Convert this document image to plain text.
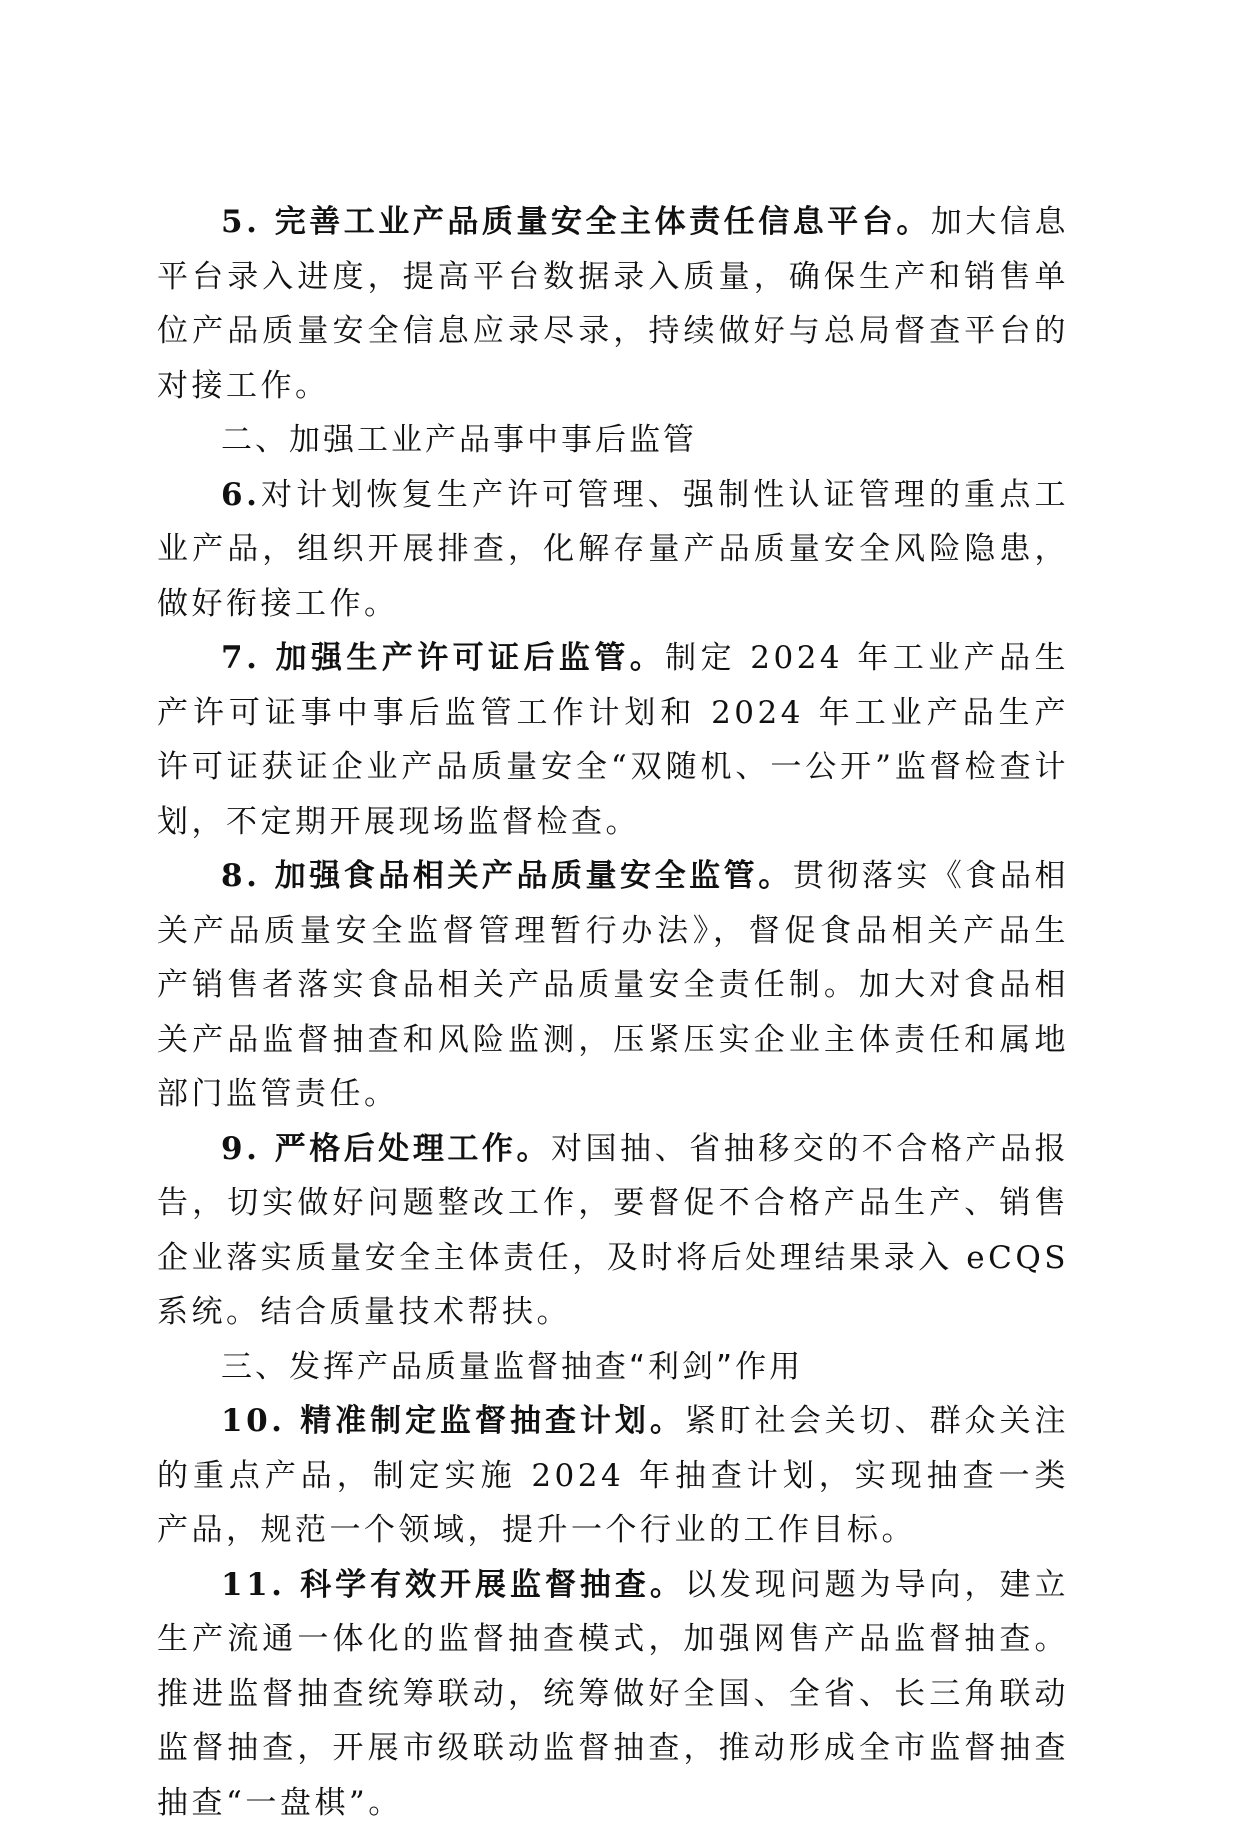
5. 完善工业产品质量安全主体责任信息平台。加大信息平台录入进度，提高平台数据录入质量，确保生产和销售单位产品质量安全信息应录尽录，持续做好与总局督查平台的对接工作。

二、加强工业产品事中事后监管

6.对计划恢复生产许可管理、强制性认证管理的重点工业产品，组织开展排查，化解存量产品质量安全风险隐患，做好衔接工作。

7. 加强生产许可证后监管。制定 2024 年工业产品生产许可证事中事后监管工作计划和 2024 年工业产品生产许可证获证企业产品质量安全“双随机、一公开”监督检查计划，不定期开展现场监督检查。

8. 加强食品相关产品质量安全监管。贯彻落实《食品相关产品质量安全监督管理暂行办法》，督促食品相关产品生产销售者落实食品相关产品质量安全责任制。加大对食品相关产品监督抽查和风险监测，压紧压实企业主体责任和属地部门监管责任。

9. 严格后处理工作。对国抽、省抽移交的不合格产品报告，切实做好问题整改工作，要督促不合格产品生产、销售企业落实质量安全主体责任，及时将后处理结果录入 eCQS 系统。结合质量技术帮扶。

三、发挥产品质量监督抽查“利剑”作用

10. 精准制定监督抽查计划。紧盯社会关切、群众关注的重点产品，制定实施 2024 年抽查计划，实现抽查一类产品，规范一个领域，提升一个行业的工作目标。

11. 科学有效开展监督抽查。以发现问题为导向，建立生产流通一体化的监督抽查模式，加强网售产品监督抽查。推进监督抽查统筹联动，统筹做好全国、全省、长三角联动监督抽查，开展市级联动监督抽查，推动形成全市监督抽查抽查“一盘棋”。
